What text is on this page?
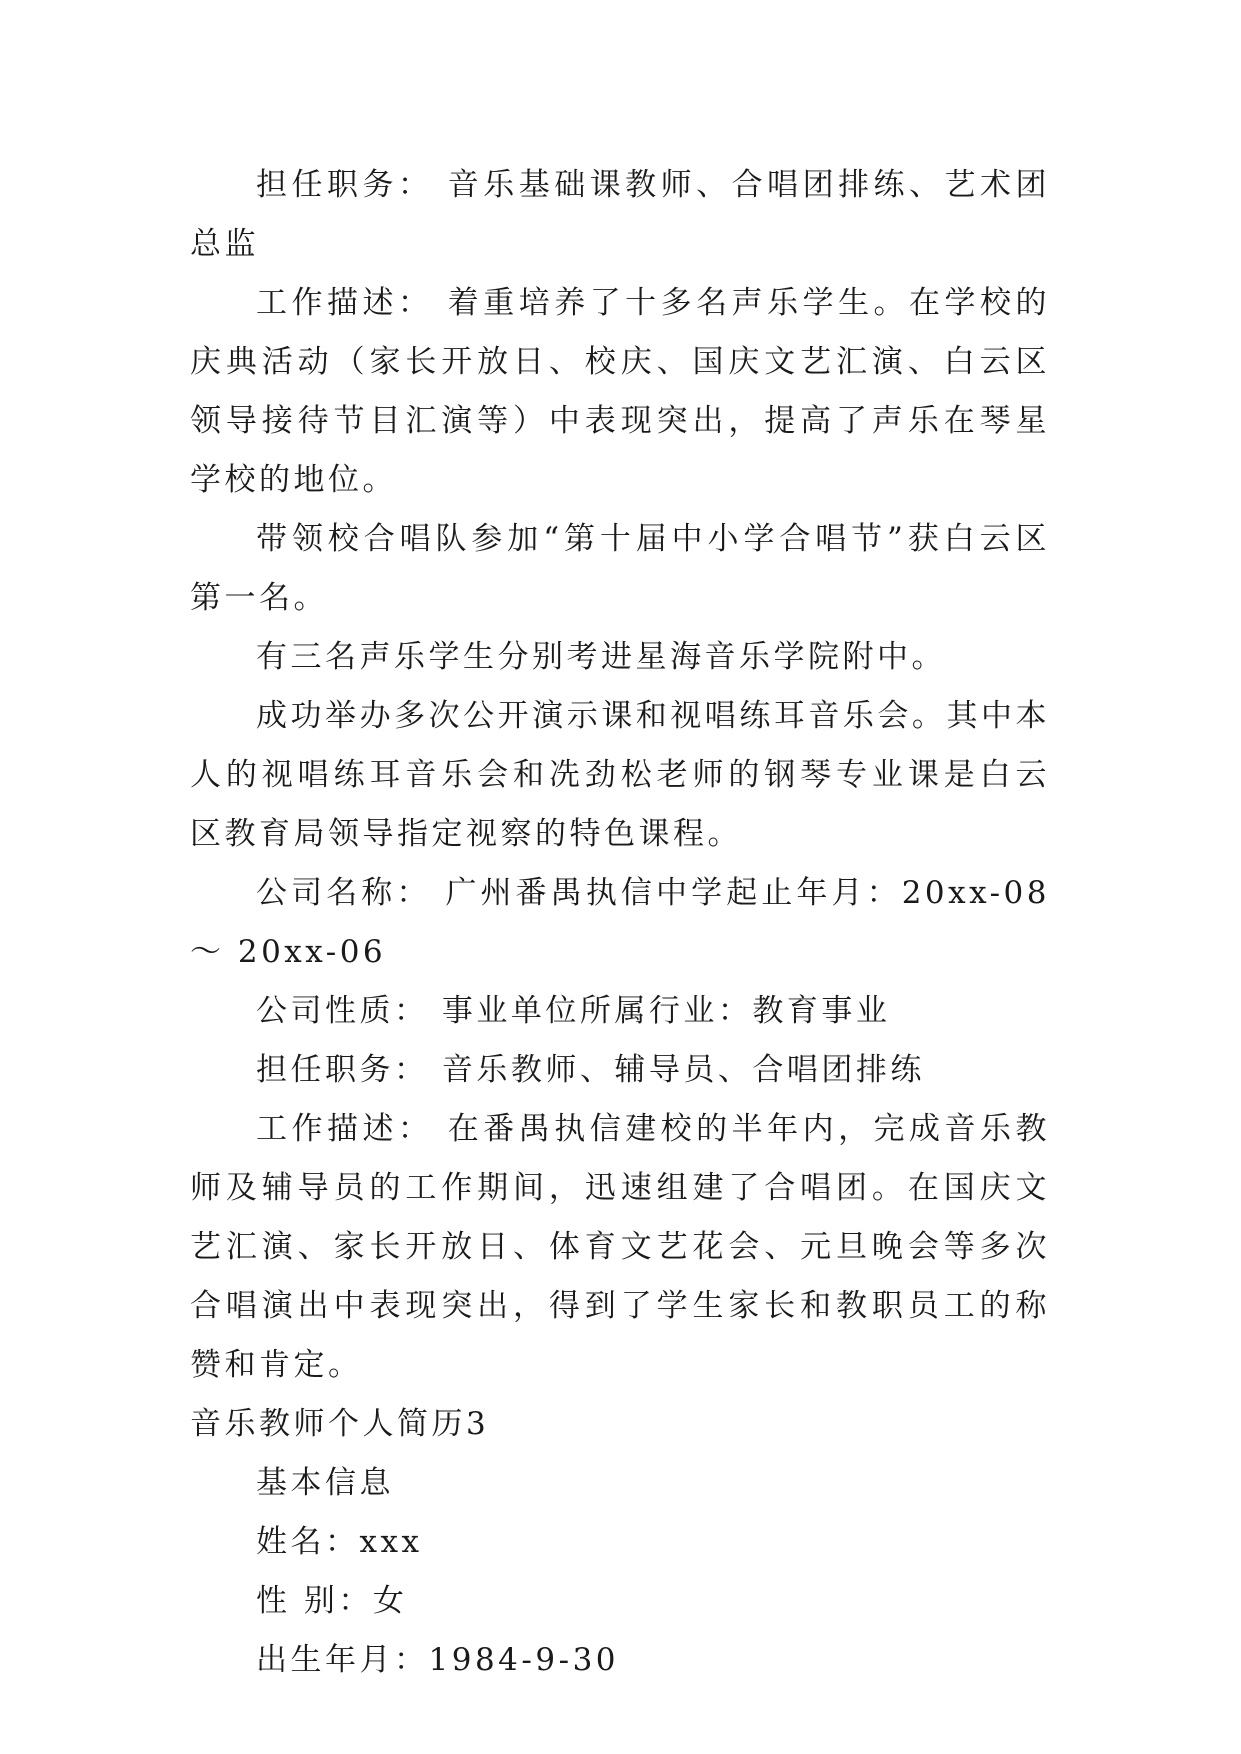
担任职务： 音乐基础课教师、合唱团排练、艺术团总监

工作描述： 着重培养了十多名声乐学生。在学校的庆典活动（家长开放日、校庆、国庆文艺汇演、白云区领导接待节目汇演等）中表现突出，提高了声乐在琴星学校的地位。

带领校合唱队参加“第十届中小学合唱节”获白云区第一名。

有三名声乐学生分别考进星海音乐学院附中。

成功举办多次公开演示课和视唱练耳音乐会。其中本人的视唱练耳音乐会和冼劲松老师的钢琴专业课是白云区教育局领导指定视察的特色课程。

公司名称： 广州番禺执信中学起止年月：20xx-08 ～ 20xx-06

公司性质： 事业单位所属行业：教育事业

担任职务： 音乐教师、辅导员、合唱团排练

工作描述： 在番禺执信建校的半年内，完成音乐教师及辅导员的工作期间，迅速组建了合唱团。在国庆文艺汇演、家长开放日、体育文艺花会、元旦晚会等多次合唱演出中表现突出，得到了学生家长和教职员工的称赞和肯定。

音乐教师个人简历3

基本信息

姓名：xxx

性 别：女

出生年月：1984-9-30
